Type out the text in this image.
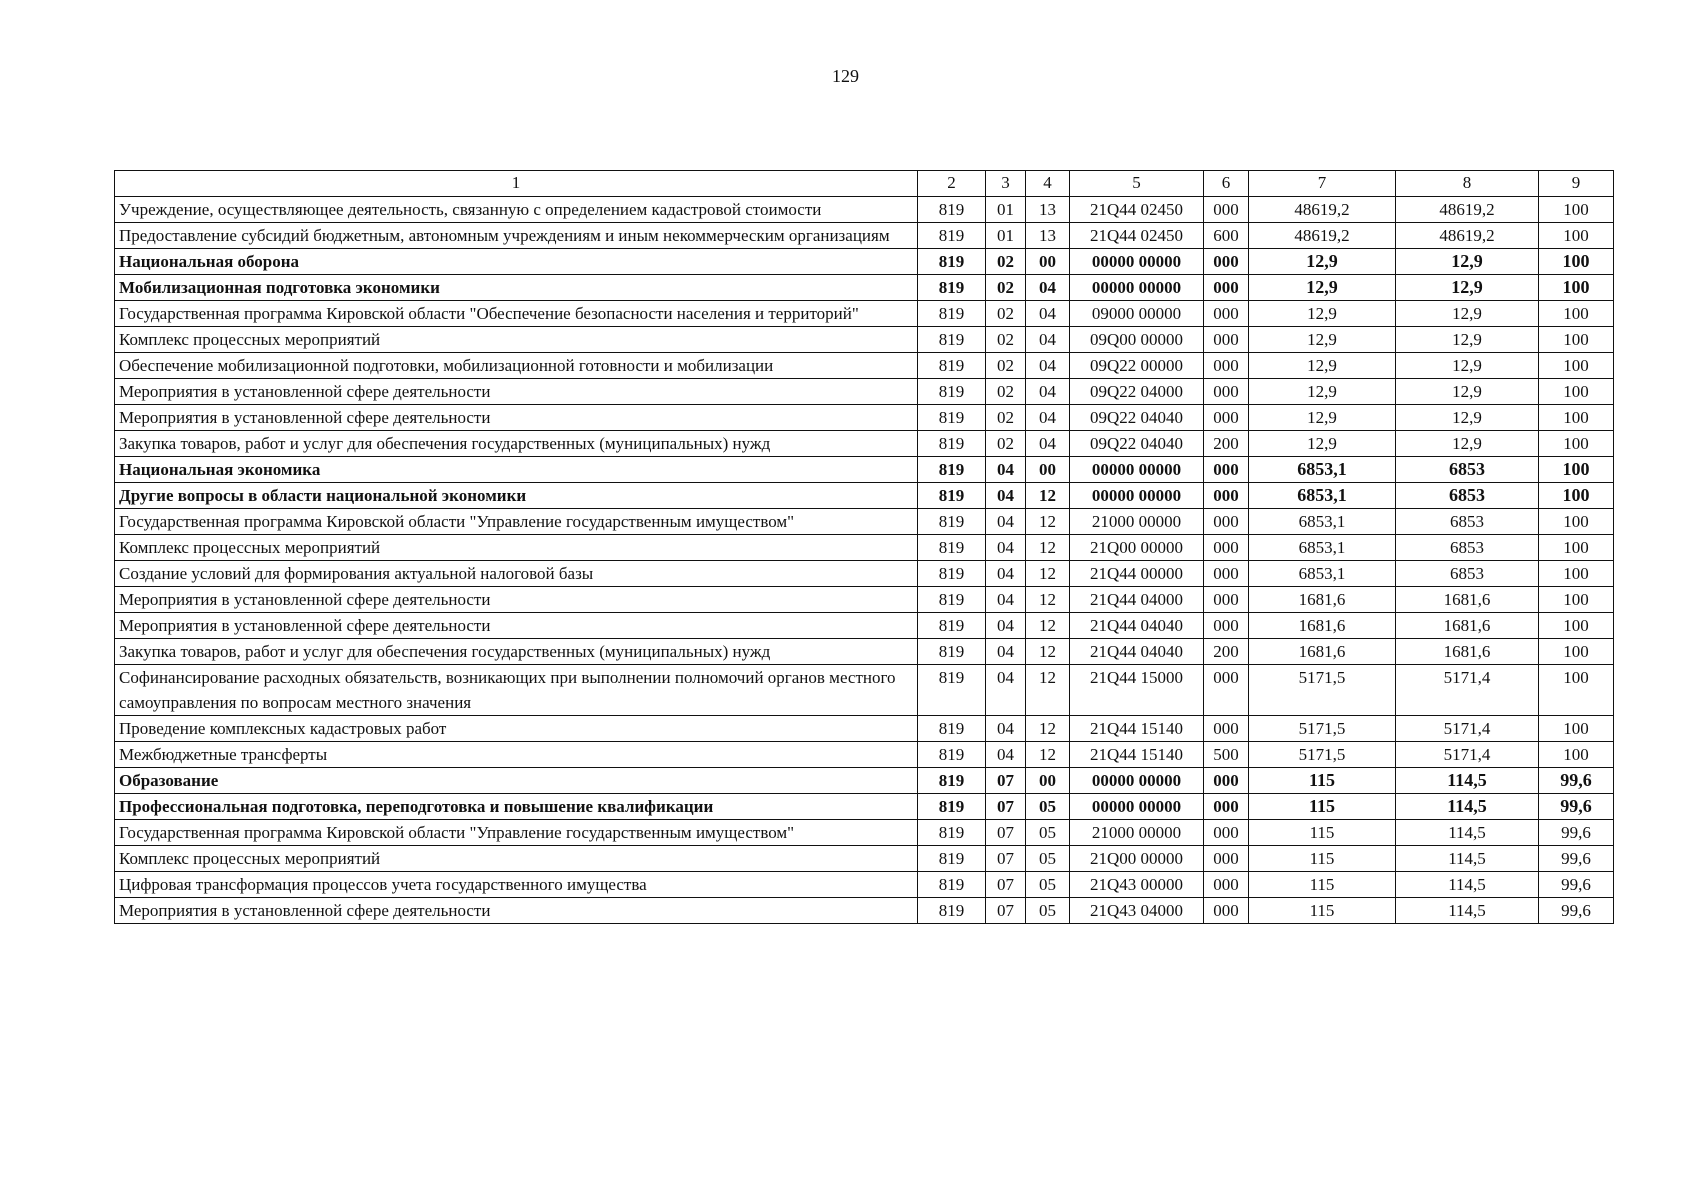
129
1	2	3	4	5	6	7	8	9
Учреждение, осуществляющее деятельность, связанную с определением кадастровой стоимости	819	01	13	21Q44 02450	000	48619,2	48619,2	100
Предоставление субсидий бюджетным, автономным учреждениям и иным некоммерческим организациям	819	01	13	21Q44 02450	600	48619,2	48619,2	100
Национальная оборона	819	02	00	00000 00000	000	12,9	12,9	100
Мобилизационная подготовка экономики	819	02	04	00000 00000	000	12,9	12,9	100
Государственная программа Кировской области "Обеспечение безопасности населения и территорий"	819	02	04	09000 00000	000	12,9	12,9	100
Комплекс процессных мероприятий	819	02	04	09Q00 00000	000	12,9	12,9	100
Обеспечение мобилизационной подготовки, мобилизационной готовности и мобилизации	819	02	04	09Q22 00000	000	12,9	12,9	100
Мероприятия в установленной сфере деятельности	819	02	04	09Q22 04000	000	12,9	12,9	100
Мероприятия в установленной сфере деятельности	819	02	04	09Q22 04040	000	12,9	12,9	100
Закупка товаров, работ и услуг для обеспечения государственных (муниципальных) нужд	819	02	04	09Q22 04040	200	12,9	12,9	100
Национальная экономика	819	04	00	00000 00000	000	6853,1	6853	100
Другие вопросы в области национальной экономики	819	04	12	00000 00000	000	6853,1	6853	100
Государственная программа Кировской области "Управление государственным имуществом"	819	04	12	21000 00000	000	6853,1	6853	100
Комплекс процессных мероприятий	819	04	12	21Q00 00000	000	6853,1	6853	100
Создание условий для формирования актуальной налоговой базы	819	04	12	21Q44 00000	000	6853,1	6853	100
Мероприятия в установленной сфере деятельности	819	04	12	21Q44 04000	000	1681,6	1681,6	100
Мероприятия в установленной сфере деятельности	819	04	12	21Q44 04040	000	1681,6	1681,6	100
Закупка товаров, работ и услуг для обеспечения государственных (муниципальных) нужд	819	04	12	21Q44 04040	200	1681,6	1681,6	100
Софинансирование расходных обязательств, возникающих при выполнении полномочий органов местного самоуправления по вопросам местного значения	819	04	12	21Q44 15000	000	5171,5	5171,4	100
Проведение комплексных кадастровых работ	819	04	12	21Q44 15140	000	5171,5	5171,4	100
Межбюджетные трансферты	819	04	12	21Q44 15140	500	5171,5	5171,4	100
Образование	819	07	00	00000 00000	000	115	114,5	99,6
Профессиональная подготовка, переподготовка и повышение квалификации	819	07	05	00000 00000	000	115	114,5	99,6
Государственная программа Кировской области "Управление государственным имуществом"	819	07	05	21000 00000	000	115	114,5	99,6
Комплекс процессных мероприятий	819	07	05	21Q00 00000	000	115	114,5	99,6
Цифровая трансформация процессов учета государственного имущества	819	07	05	21Q43 00000	000	115	114,5	99,6
Мероприятия в установленной сфере деятельности	819	07	05	21Q43 04000	000	115	114,5	99,6
